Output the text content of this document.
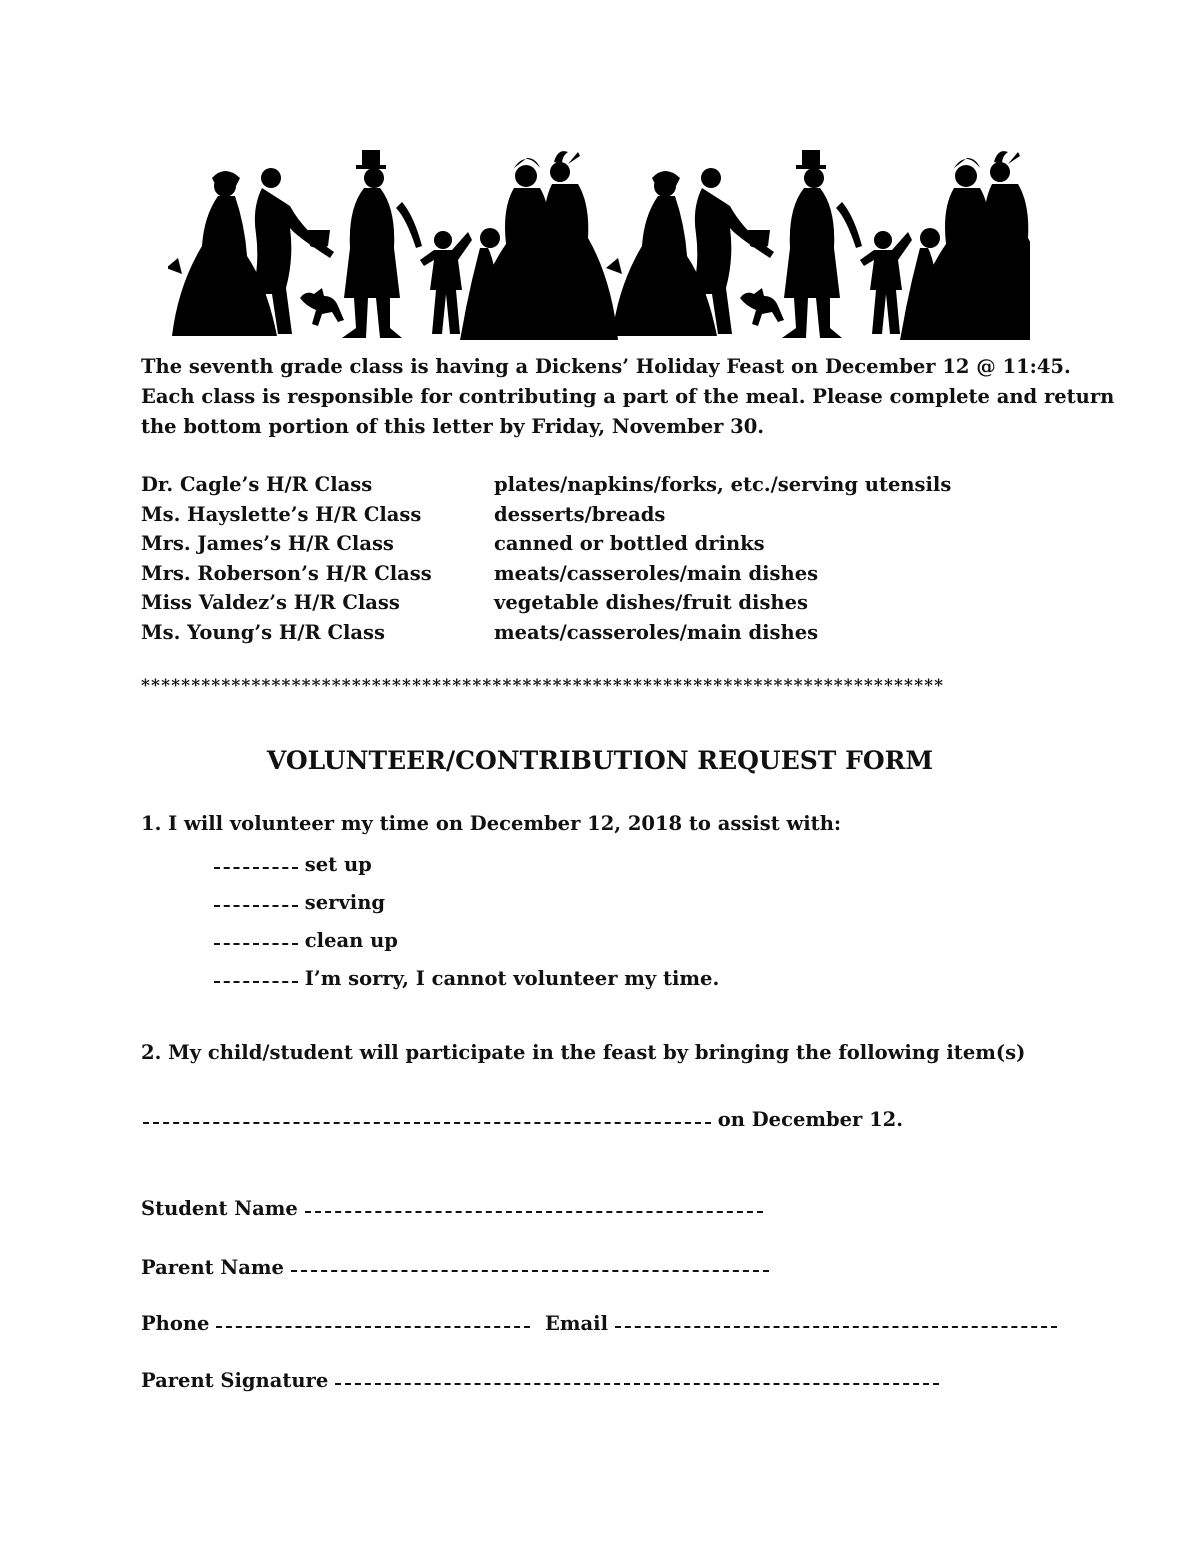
The seventh grade class is having a Dickens’ Holiday Feast on December 12 @ 11:45.
Each class is responsible for contributing a part of the meal. Please complete and return
the bottom portion of this letter by Friday, November 30.
Dr. Cagle’s H/R Class	plates/napkins/forks, etc./serving utensils
Ms. Hayslette’s H/R Class	desserts/breads
Mrs. James’s H/R Class	canned or bottled drinks
Mrs. Roberson’s H/R Class	meats/casseroles/main dishes
Miss Valdez’s H/R Class	vegetable dishes/fruit dishes
Ms. Young’s H/R Class	meats/casseroles/main dishes
********************************************************************************
VOLUNTEER/CONTRIBUTION REQUEST FORM
1. I will volunteer my time on December 12, 2018 to assist with:
set up
serving
clean up
I’m sorry, I cannot volunteer my time.
2. My child/student will participate in the feast by bringing the following item(s)
on December 12.
Student Name
Parent Name
Phone	Email
Parent Signature
